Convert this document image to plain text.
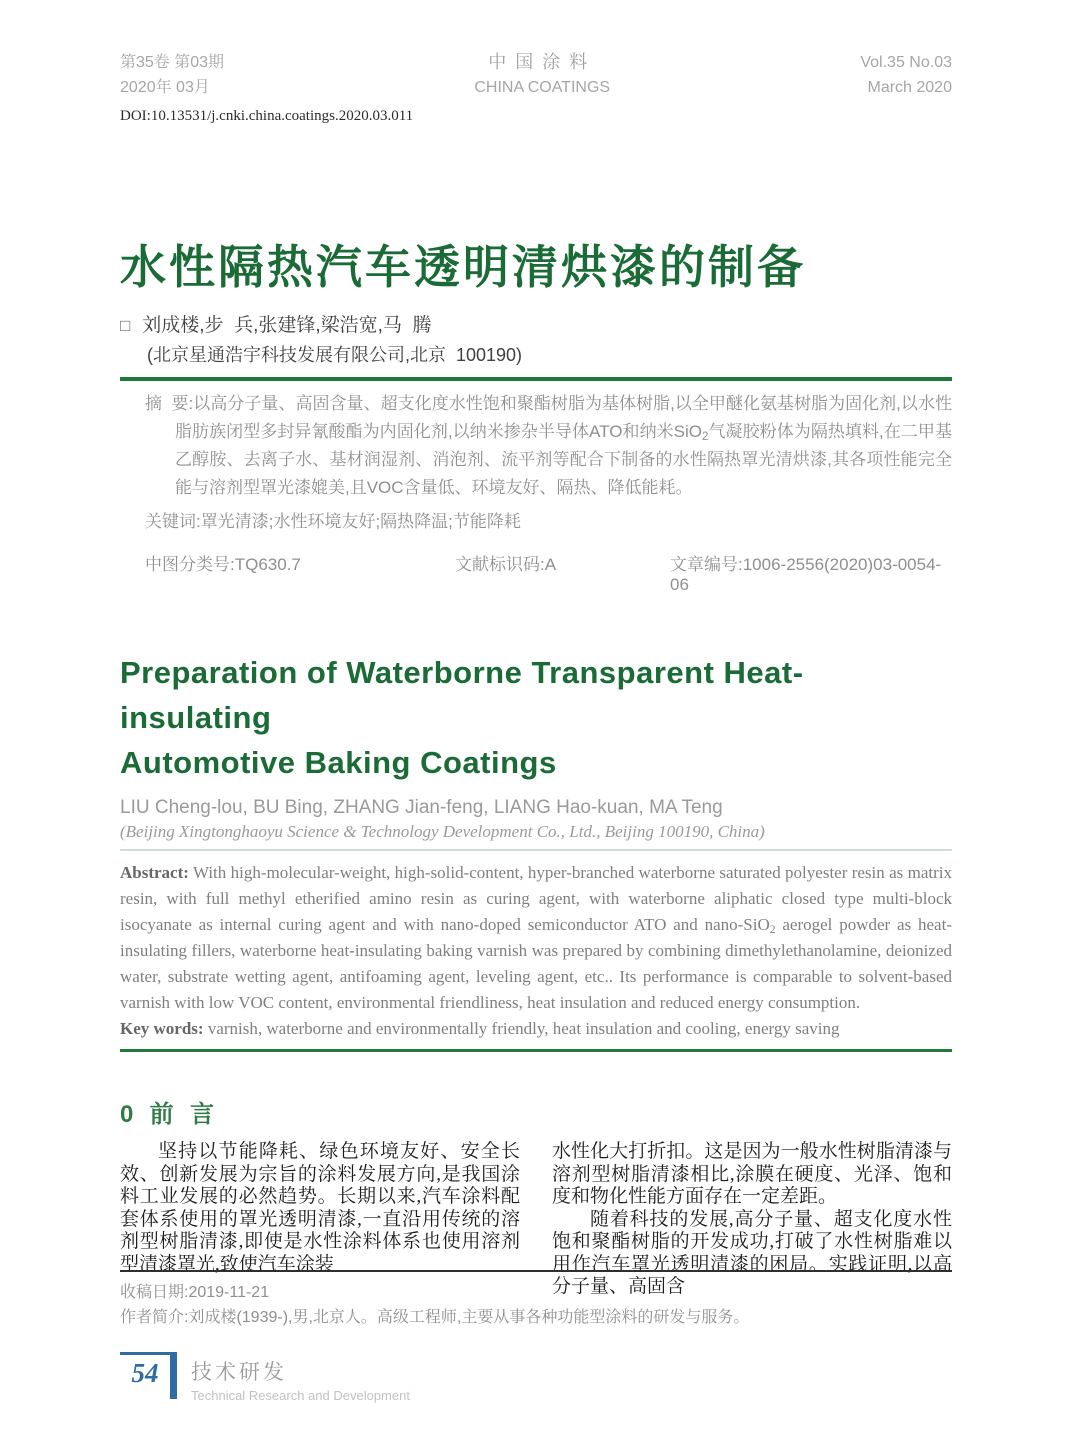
第35卷 第03期
2020年 03月
中国涂料
CHINA COATINGS
Vol.35 No.03
March 2020
DOI:10.13531/j.cnki.china.coatings.2020.03.011
水性隔热汽车透明清烘漆的制备
□ 刘成楼,步  兵,张建锋,梁浩宽,马  腾
(北京星通浩宇科技发展有限公司,北京  100190)
摘  要:以高分子量、高固含量、超支化度水性饱和聚酯树脂为基体树脂,以全甲醚化氨基树脂为固化剂,以水性脂肪族闭型多封异氰酸酯为内固化剂,以纳米掺杂半导体ATO和纳米SiO$_2$气凝胶粉体为隔热填料,在二甲基乙醇胺、去离子水、基材润湿剂、消泡剂、流平剂等配合下制备的水性隔热罩光清烘漆,其各项性能完全能与溶剂型罩光漆媲美,且VOC含量低、环境友好、隔热、降低能耗。
关键词:罩光清漆;水性环境友好;隔热降温;节能降耗
中图分类号:TQ630.7	文献标识码:A	文章编号:1006-2556(2020)03-0054-06
Preparation of Waterborne Transparent Heat-insulating
Automotive Baking Coatings
LIU Cheng-lou, BU Bing, ZHANG Jian-feng, LIANG Hao-kuan, MA Teng
(Beijing Xingtonghaoyu Science & Technology Development Co., Ltd., Beijing 100190, China)
Abstract: With high-molecular-weight, high-solid-content, hyper-branched waterborne saturated polyester resin as matrix resin, with full methyl etherified amino resin as curing agent, with waterborne aliphatic closed type multi-block isocyanate as internal curing agent and with nano-doped semiconductor ATO and nano-SiO$_2$ aerogel powder as heat-insulating fillers, waterborne heat-insulating baking varnish was prepared by combining dimethylethanolamine, deionized water, substrate wetting agent, antifoaming agent, leveling agent, etc.. Its performance is comparable to solvent-based varnish with low VOC content, environmental friendliness, heat insulation and reduced energy consumption.
Key words: varnish, waterborne and environmentally friendly, heat insulation and cooling, energy saving
0  前  言

坚持以节能降耗、绿色环境友好、安全长效、创新发展为宗旨的涂料发展方向,是我国涂料工业发展的必然趋势。长期以来,汽车涂料配套体系使用的罩光透明清漆,一直沿用传统的溶剂型树脂清漆,即使是水性涂料体系也使用溶剂型清漆罩光,致使汽车涂装

水性化大打折扣。这是因为一般水性树脂清漆与溶剂型树脂清漆相比,涂膜在硬度、光泽、饱和度和物化性能方面存在一定差距。

随着科技的发展,高分子量、超支化度水性饱和聚酯树脂的开发成功,打破了水性树脂难以用作汽车罩光透明清漆的困局。实践证明,以高分子量、高固含

收稿日期:2019-11-21
作者简介:刘成楼(1939-),男,北京人。高级工程师,主要从事各种功能型涂料的研发与服务。
54	技术研发
Technical Research and Development
